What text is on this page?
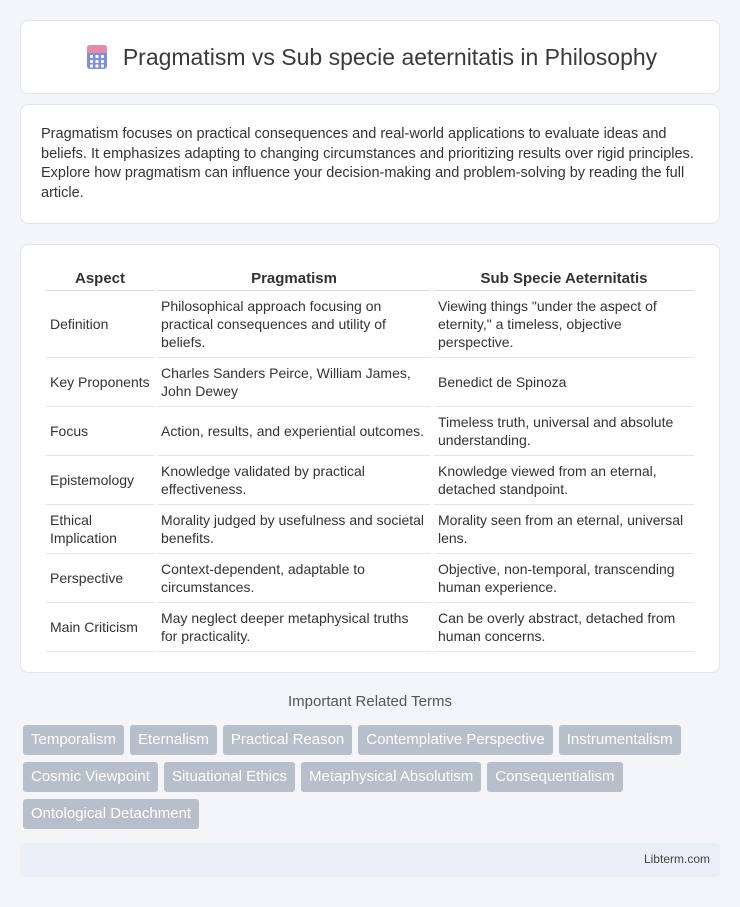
Pragmatism vs Sub specie aeternitatis in Philosophy

Pragmatism focuses on practical consequences and real-world applications to evaluate ideas and beliefs. It emphasizes adapting to changing circumstances and prioritizing results over rigid principles. Explore how pragmatism can influence your decision-making and problem-solving by reading the full article.

Aspect	Pragmatism	Sub Specie Aeternitatis
Definition	Philosophical approach focusing on practical consequences and utility of beliefs.	Viewing things "under the aspect of eternity," a timeless, objective perspective.
Key Proponents	Charles Sanders Peirce, William James, John Dewey	Benedict de Spinoza
Focus	Action, results, and experiential outcomes.	Timeless truth, universal and absolute understanding.
Epistemology	Knowledge validated by practical effectiveness.	Knowledge viewed from an eternal, detached standpoint.
Ethical Implication	Morality judged by usefulness and societal benefits.	Morality seen from an eternal, universal lens.
Perspective	Context-dependent, adaptable to circumstances.	Objective, non-temporal, transcending human experience.
Main Criticism	May neglect deeper metaphysical truths for practicality.	Can be overly abstract, detached from human concerns.
Important Related Terms
Temporalism	Eternalism	Practical Reason	Contemplative Perspective	Instrumentalism
Cosmic Viewpoint	Situational Ethics	Metaphysical Absolutism	Consequentialism
Ontological Detachment
Libterm.com
